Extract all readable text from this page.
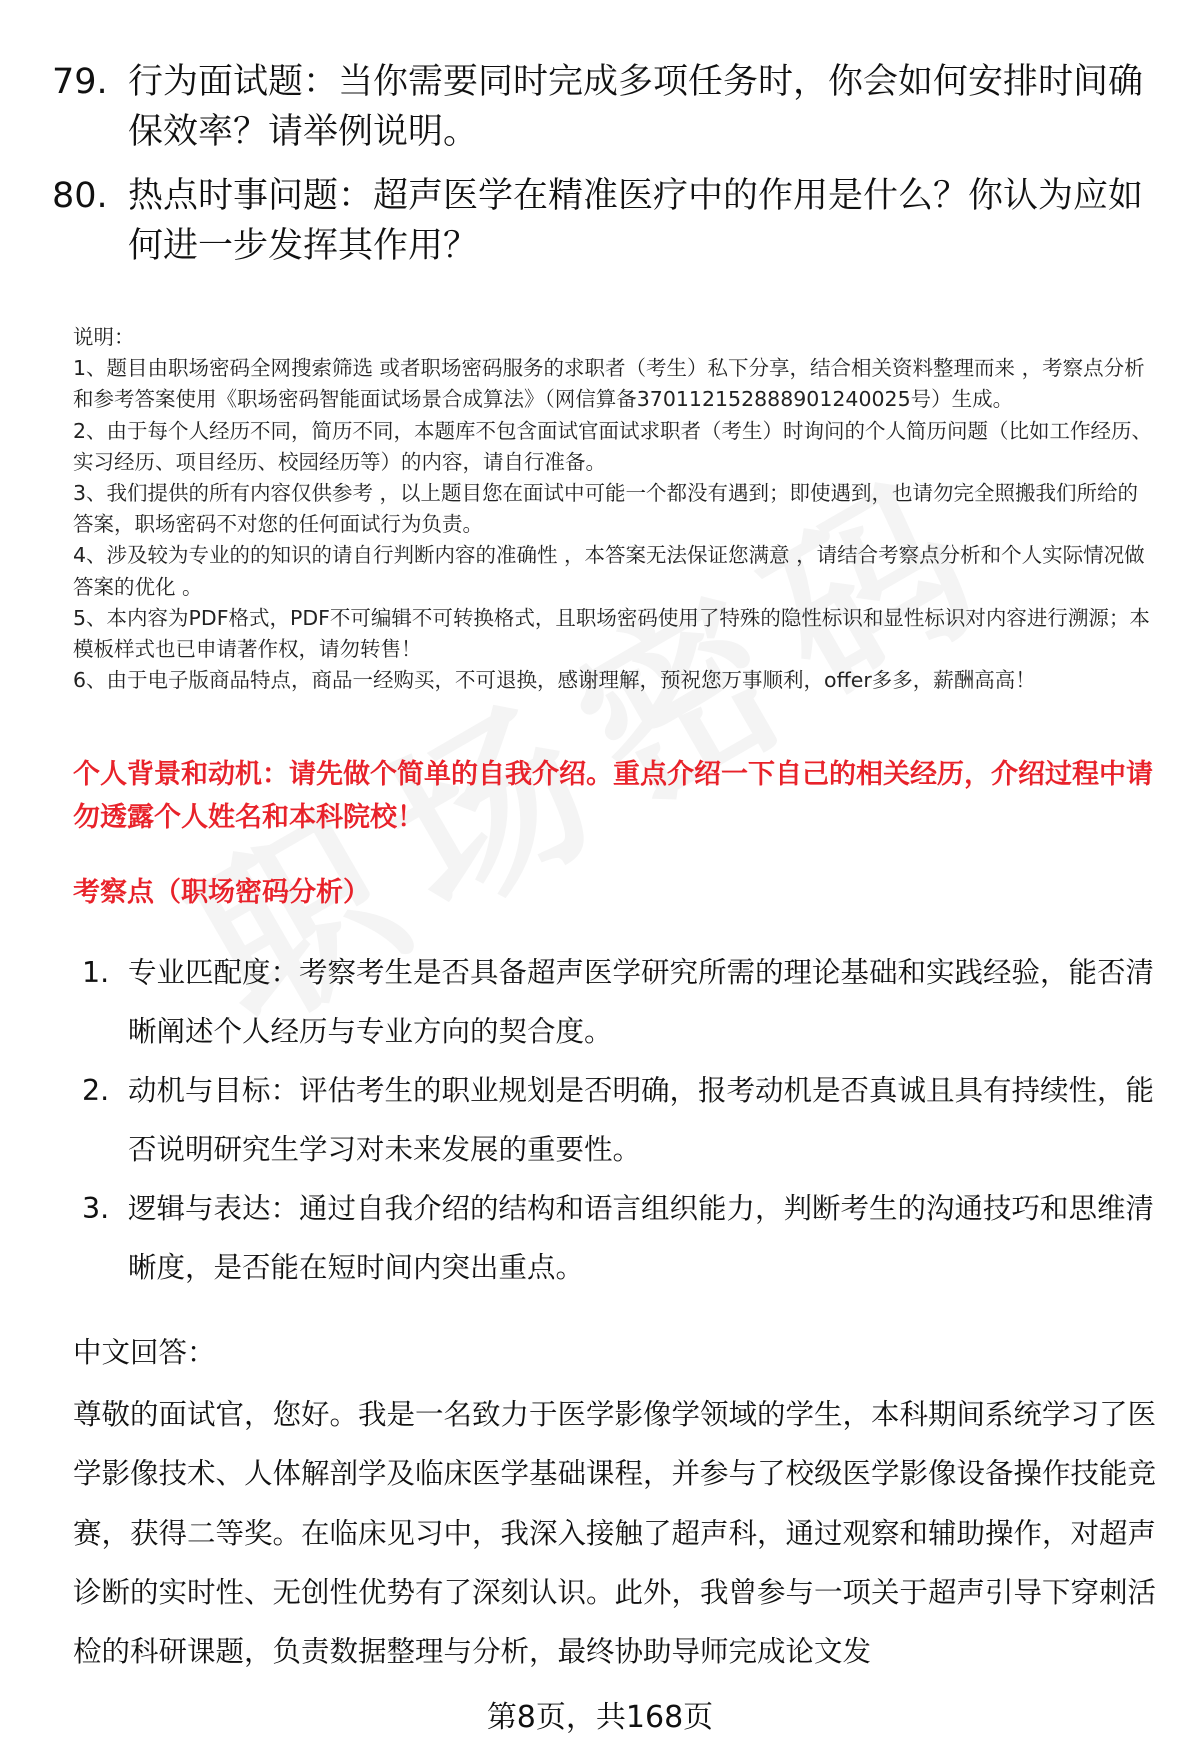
79. 行为面试题：当你需要同时完成多项任务时，你会如何安排时间确保效率？请举例说明。
80. 热点时事问题：超声医学在精准医疗中的作用是什么？你认为应如何进一步发挥其作用？

说明：

1、题目由职场密码全网搜索筛选 或者职场密码服务的求职者（考生）私下分享，结合相关资料整理而来 ，考察点分析和参考答案使用《职场密码智能面试场景合成算法》（网信算备370112152888901240025号）生成。

2、由于每个人经历不同，简历不同，本题库不包含面试官面试求职者（考生）时询问的个人简历问题（比如工作经历、实习经历、项目经历、校园经历等）的内容，请自行准备。

3、我们提供的所有内容仅供参考 ，以上题目您在面试中可能一个都没有遇到；即使遇到，也请勿完全照搬我们所给的答案，职场密码不对您的任何面试行为负责。

4、涉及较为专业的的知识的请自行判断内容的准确性 ，本答案无法保证您满意 ，请结合考察点分析和个人实际情况做答案的优化 。

5、本内容为PDF格式，PDF不可编辑不可转换格式，且职场密码使用了特殊的隐性标识和显性标识对内容进行溯源；本模板样式也已申请著作权，请勿转售！

6、由于电子版商品特点，商品一经购买，不可退换，感谢理解，预祝您万事顺利，offer多多，薪酬高高！

个人背景和动机：请先做个简单的自我介绍。重点介绍一下自己的相关经历，介绍过程中请勿透露个人姓名和本科院校！
考察点（职场密码分析）
1. 专业匹配度：考察考生是否具备超声医学研究所需的理论基础和实践经验，能否清晰阐述个人经历与专业方向的契合度。
2. 动机与目标：评估考生的职业规划是否明确，报考动机是否真诚且具有持续性，能否说明研究生学习对未来发展的重要性。
3. 逻辑与表达：通过自我介绍的结构和语言组织能力，判断考生的沟通技巧和思维清晰度，是否能在短时间内突出重点。
中文回答：

尊敬的面试官，您好。我是一名致力于医学影像学领域的学生，本科期间系统学习了医学影像技术、人体解剖学及临床医学基础课程，并参与了校级医学影像设备操作技能竞赛，获得二等奖。在临床见习中，我深入接触了超声科，通过观察和辅助操作，对超声诊断的实时性、无创性优势有了深刻认识。此外，我曾参与一项关于超声引导下穿刺活检的科研课题，负责数据整理与分析，最终协助导师完成论文发

第8页，共168页
